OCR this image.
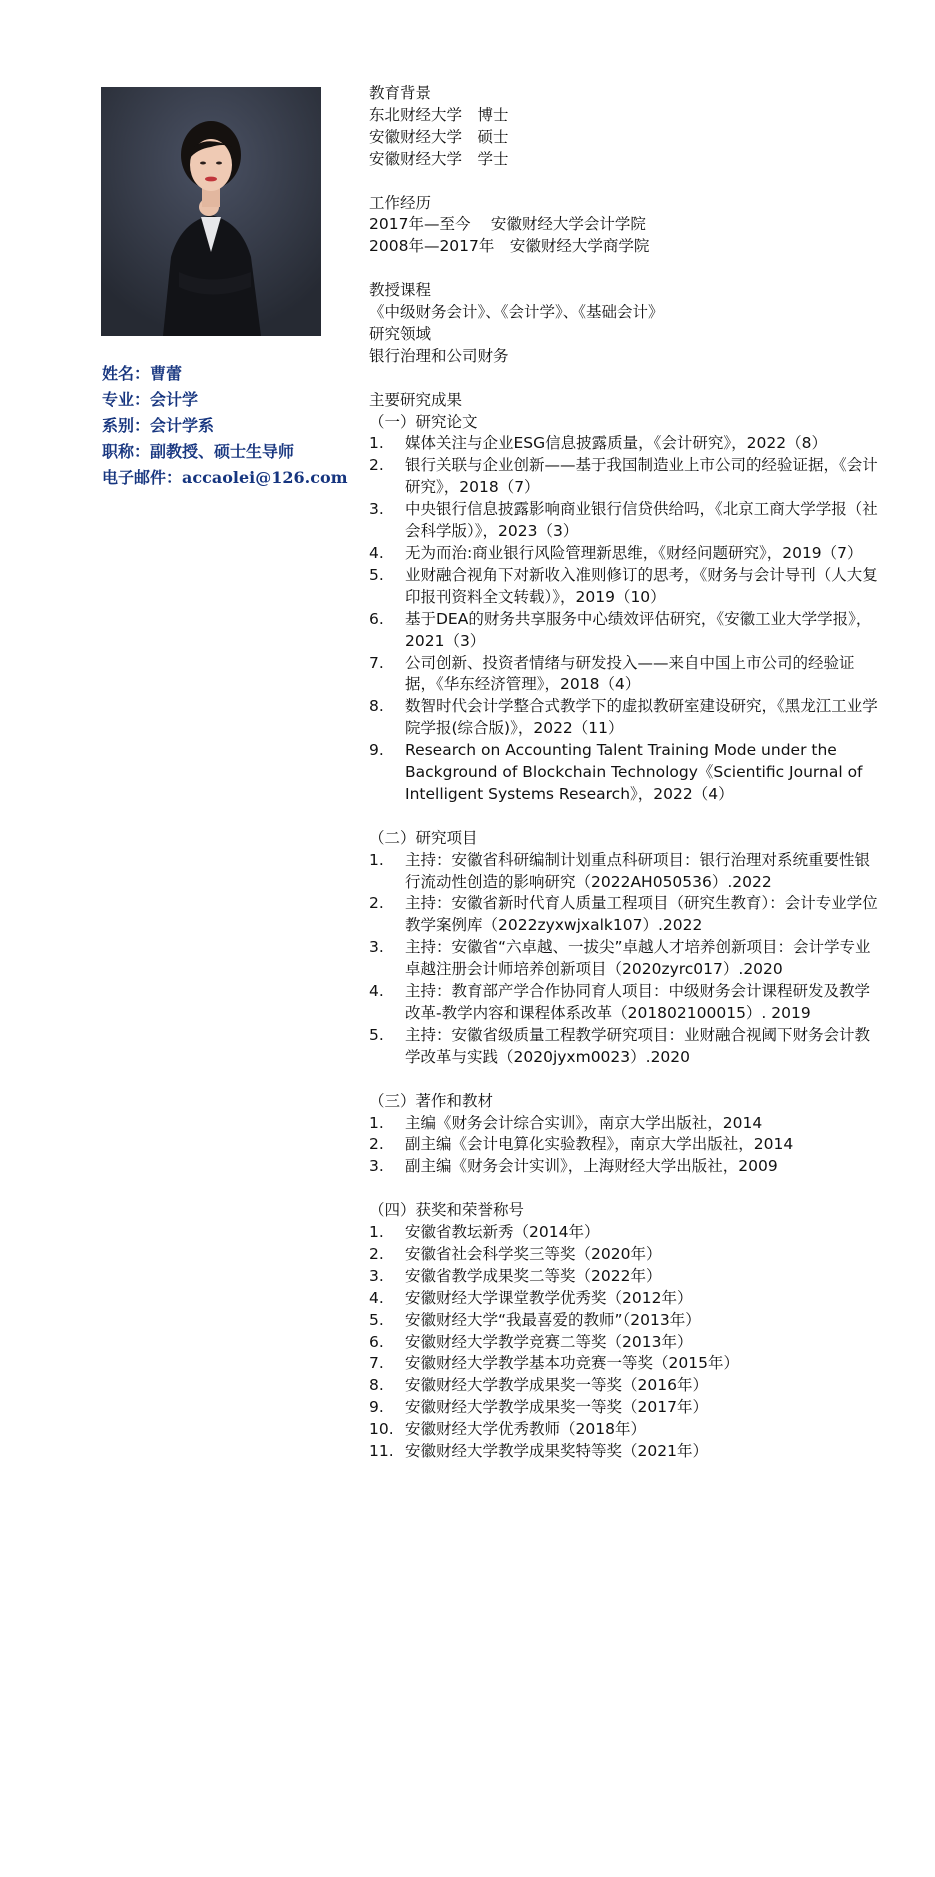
姓名： 曹蕾
专业： 会计学
系别： 会计学系
职称： 副教授、硕士生导师
电子邮件： accaolei@126.com
教育背景
东北财经大学　博士
安徽财经大学　硕士
安徽财经大学　学士
工作经历
2017年—至今　 安徽财经大学会计学院
2008年—2017年　安徽财经大学商学院
教授课程
《中级财务会计》、《会计学》、《基础会计》
研究领域
银行治理和公司财务
主要研究成果
（一）研究论文
1.	媒体关注与企业ESG信息披露质量，《会计研究》，2022（8）
2.	银行关联与企业创新——基于我国制造业上市公司的经验证据，《会计研究》，2018（7）
3.	中央银行信息披露影响商业银行信贷供给吗，《北京工商大学学报（社会科学版）》，2023（3）
4.	无为而治:商业银行风险管理新思维，《财经问题研究》，2019（7）
5.	业财融合视角下对新收入准则修订的思考，《财务与会计导刊（人大复印报刊资料全文转载）》，2019（10）
6.	基于DEA的财务共享服务中心绩效评估研究，《安徽工业大学学报》，2021（3）
7.	公司创新、投资者情绪与研发投入——来自中国上市公司的经验证据，《华东经济管理》，2018（4）
8.	数智时代会计学整合式教学下的虚拟教研室建设研究，《黑龙江工业学院学报(综合版)》，2022（11）
9.	Research on Accounting Talent Training Mode under the Background of Blockchain Technology《Scientific Journal of Intelligent Systems Research》，2022（4）
（二）研究项目
1.	主持：安徽省科研编制计划重点科研项目：银行治理对系统重要性银行流动性创造的影响研究（2022AH050536）.2022
2.	主持：安徽省新时代育人质量工程项目（研究生教育）：会计专业学位教学案例库（2022zyxwjxalk107）.2022
3.	主持：安徽省“六卓越、一拔尖”卓越人才培养创新项目：会计学专业卓越注册会计师培养创新项目（2020zyrc017）.2020
4.	主持：教育部产学合作协同育人项目：中级财务会计课程研发及教学改革-教学内容和课程体系改革（201802100015）. 2019
5.	主持：安徽省级质量工程教学研究项目：业财融合视阈下财务会计教学改革与实践（2020jyxm0023）.2020
（三）著作和教材
1.	主编《财务会计综合实训》，南京大学出版社，2014
2.	副主编《会计电算化实验教程》，南京大学出版社，2014
3.	副主编《财务会计实训》，上海财经大学出版社，2009
（四）获奖和荣誉称号
1.	安徽省教坛新秀（2014年）
2.	安徽省社会科学奖三等奖（2020年）
3.	安徽省教学成果奖二等奖（2022年）
4.	安徽财经大学课堂教学优秀奖（2012年）
5.	安徽财经大学“我最喜爱的教师”（2013年）
6.	安徽财经大学教学竞赛二等奖（2013年）
7.	安徽财经大学教学基本功竞赛一等奖（2015年）
8.	安徽财经大学教学成果奖一等奖（2016年）
9.	安徽财经大学教学成果奖一等奖（2017年）
10. 安徽财经大学优秀教师（2018年）
11. 安徽财经大学教学成果奖特等奖（2021年）
